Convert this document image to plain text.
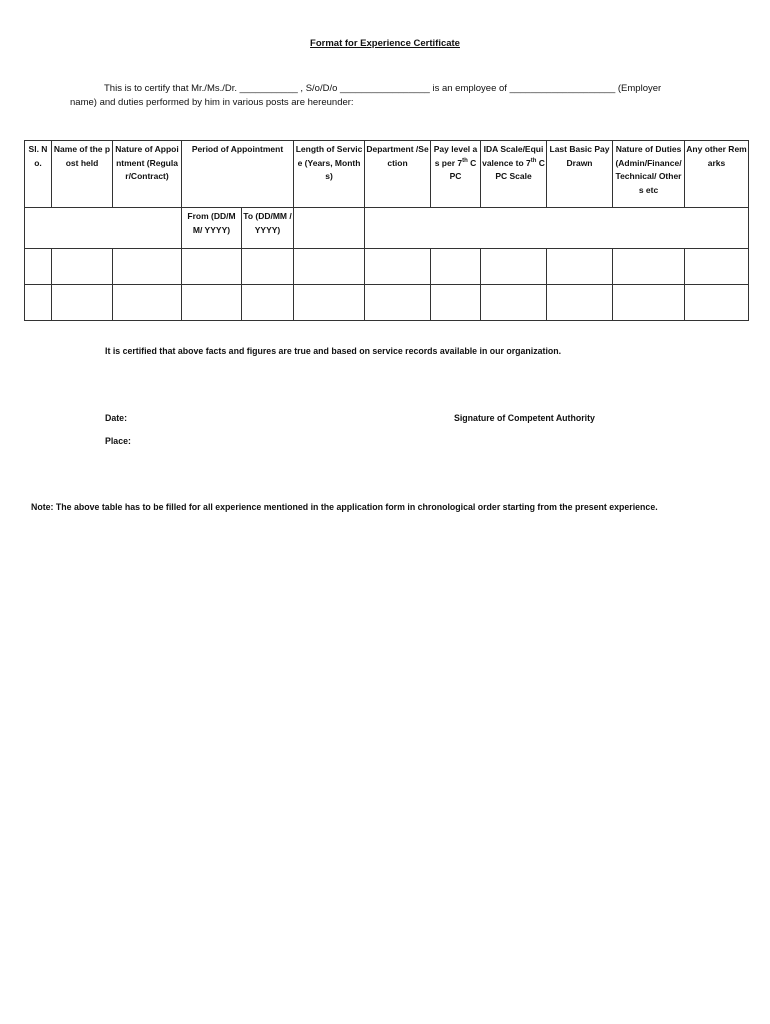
Format for Experience Certificate
This is to certify that Mr./Ms./Dr. ___________ , S/o/D/o _________________ is an employee of ____________________ (Employer
name) and duties performed by him in various posts are hereunder:
Sl. No.	Name of the post held	Nature of Appointment (Regular/Contract)	Period of Appointment		Length of Service (Years, Months)	Department /Section	Pay level as per 7th CPC	IDA Scale/Equivalence to 7th CPC Scale	Last Basic Pay Drawn	Nature of Duties (Admin/Finance/Technical/ Others etc	Any other Remarks
			From (DD/MM/ YYYY)	To (DD/MM /YYYY)							

It is certified that above facts and figures are true and based on service records available in our organization.
Date:
Place:
Signature of Competent Authority
Note: The above table has to be filled for all experience mentioned in the application form in chronological order starting from the present experience.
